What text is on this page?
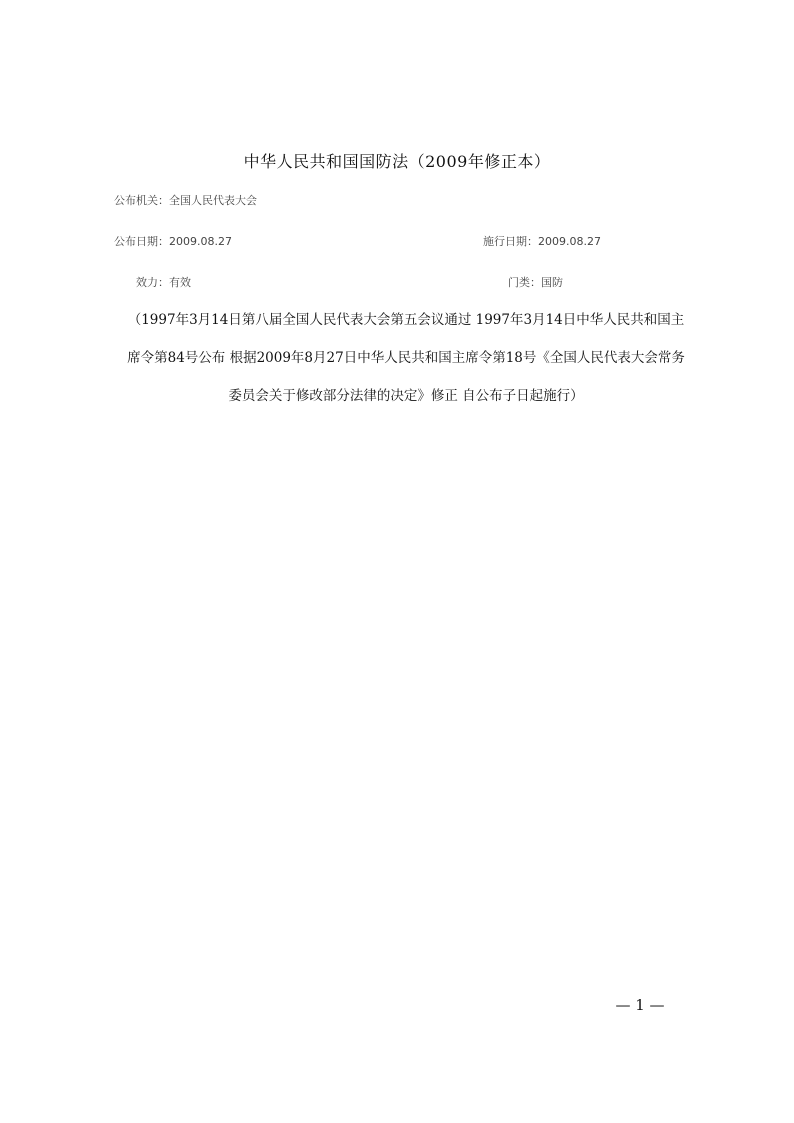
中华人民共和国国防法（2009年修正本）
公布机关：全国人民代表大会
公布日期：2009.08.27	施行日期：2009.08.27
效力：有效	门类：国防
（1997年3月14日第八届全国人民代表大会第五会议通过 1997年3月14日中华人民共和国主
席令第84号公布 根据2009年8月27日中华人民共和国主席令第18号《全国人民代表大会常务
委员会关于修改部分法律的决定》修正 自公布子日起施行）
— 1 —
